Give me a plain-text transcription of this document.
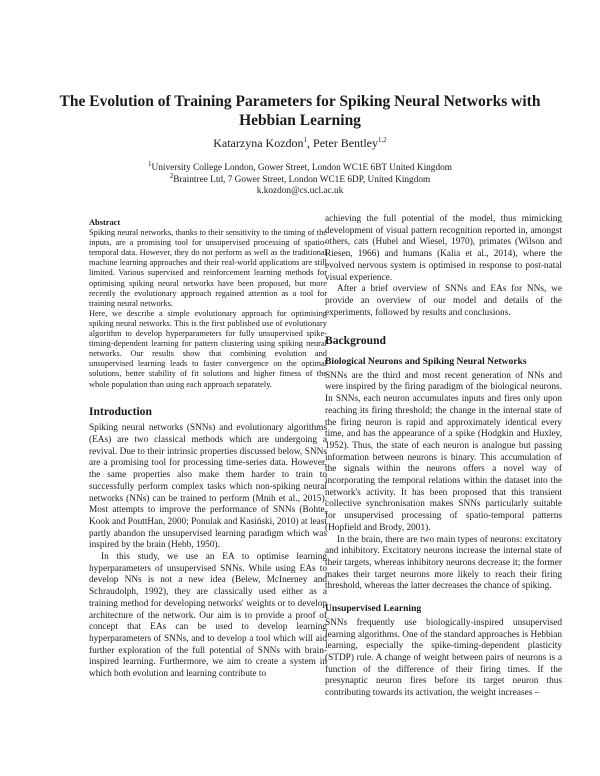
The Evolution of Training Parameters for Spiking Neural Networks with Hebbian Learning

Katarzyna Kozdon$^1$, Peter Bentley$^{1,2}$

$^1$University College London, Gower Street, London WC1E 6BT United Kingdom
$^2$Braintree Ltd, 7 Gower Street, London WC1E 6DP, United Kingdom
k.kozdon@cs.ucl.ac.uk

Abstract

Spiking neural networks, thanks to their sensitivity to the timing of the inputs, are a promising tool for unsupervised processing of spatio-temporal data. However, they do not perform as well as the traditional machine learning approaches and their real-world applications are still limited. Various supervised and reinforcement learning methods for optimising spiking neural networks have been proposed, but more recently the evolutionary approach regained attention as a tool for training neural networks.

Here, we describe a simple evolutionary approach for optimising spiking neural networks. This is the first published use of evolutionary algorithm to develop hyperparameters for fully unsupervised spike-timing-dependent learning for pattern clustering using spiking neural networks. Our results show that combining evolution and unsupervised learning leads to faster convergence on the optimal solutions, better stability of fit solutions and higher fitness of the whole population than using each approach separately.

Introduction

Spiking neural networks (SNNs) and evolutionary algorithms (EAs) are two classical methods which are undergoing a revival. Due to their intrinsic properties discussed below, SNNs are a promising tool for processing time-series data. However, the same properties also make them harder to train to successfully perform complex tasks which non-spiking neural networks (NNs) can be trained to perform (Mnih et al., 2015). Most attempts to improve the performance of SNNs (Bohte, Kook and PouttHan, 2000; Ponulak and Kasiński, 2010) at least partly abandon the unsupervised learning paradigm which was inspired by the brain (Hebb, 1950).

In this study, we use an EA to optimise learning hyperparameters of unsupervised SNNs. While using EAs to develop NNs is not a new idea (Belew, McInerney and Schraudolph, 1992), they are classically used either as a training method for developing networks' weights or to develop architecture of the network. Our aim is to provide a proof of concept that EAs can be used to develop learning hyperparameters of SNNs, and to develop a tool which will aid further exploration of the full potential of SNNs with brain-inspired learning. Furthermore, we aim to create a system in which both evolution and learning contribute to

achieving the full potential of the model, thus mimicking development of visual pattern recognition reported in, amongst others, cats (Hubel and Wiesel, 1970), primates (Wilson and Riesen, 1966) and humans (Kalia et al., 2014), where the evolved nervous system is optimised in response to post-natal visual experience.

After a brief overview of SNNs and EAs for NNs, we provide an overview of our model and details of the experiments, followed by results and conclusions.

Background

Biological Neurons and Spiking Neural Networks

SNNs are the third and most recent generation of NNs and were inspired by the firing paradigm of the biological neurons. In SNNs, each neuron accumulates inputs and fires only upon reaching its firing threshold; the change in the internal state of the firing neuron is rapid and approximately identical every time, and has the appearance of a spike (Hodgkin and Huxley, 1952). Thus, the state of each neuron is analogue but passing information between neurons is binary. This accumulation of the signals within the neurons offers a novel way of incorporating the temporal relations within the dataset into the network's activity. It has been proposed that this transient collective synchronisation makes SNNs particularly suitable for unsupervised processing of spatio-temporal patterns (Hopfield and Brody, 2001).

In the brain, there are two main types of neurons: excitatory and inhibitory. Excitatory neurons increase the internal state of their targets, whereas inhibitory neurons decrease it; the former makes their target neurons more likely to reach their firing threshold, whereas the latter decreases the chance of spiking.

Unsupervised Learning

SNNs frequently use biologically-inspired unsupervised learning algorithms. One of the standard approaches is Hebbian learning, especially the spike-timing-dependent plasticity (STDP) rule. A change of weight between pairs of neurons is a function of the difference of their firing times. If the presynaptic neuron fires before its target neuron thus contributing towards its activation, the weight increases –
